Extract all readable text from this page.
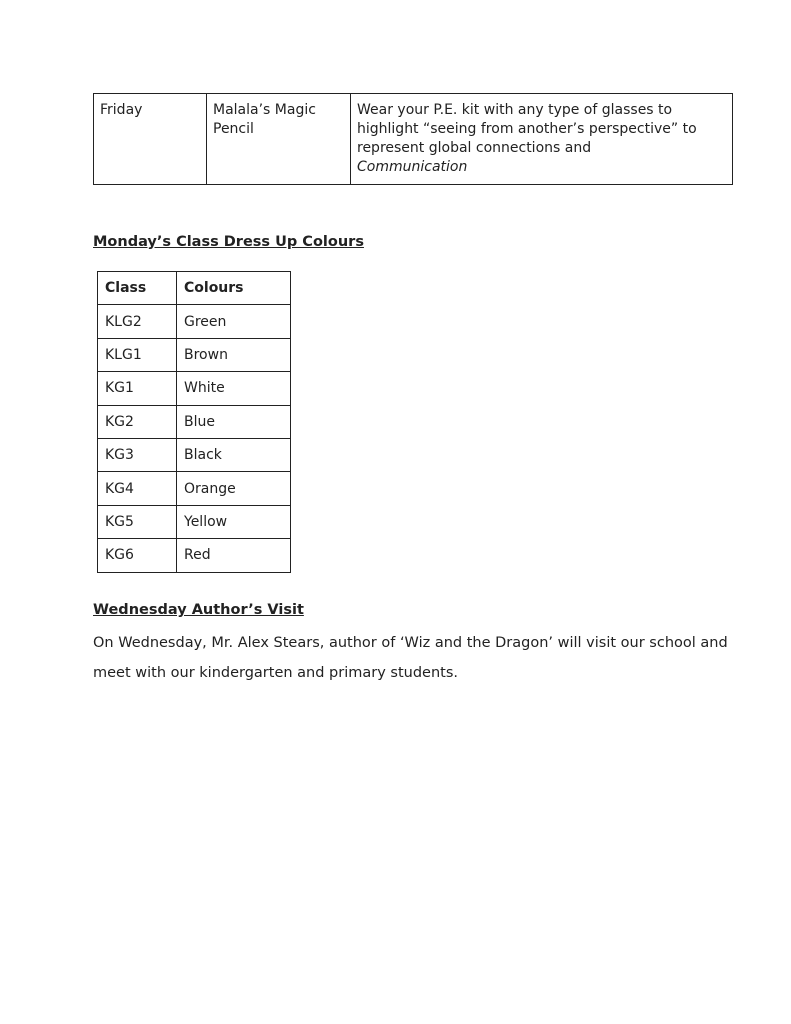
Friday	Malala’s Magic Pencil	Wear your P.E. kit with any type of glasses to highlight “seeing from another’s perspective” to represent global connections and
Communication
Monday’s Class Dress Up Colours
Class	Colours
KLG2	Green
KLG1	Brown
KG1	White
KG2	Blue
KG3	Black
KG4	Orange
KG5	Yellow
KG6	Red
Wednesday Author’s Visit
On Wednesday, Mr. Alex Stears, author of ‘Wiz and the Dragon’ will visit our school and meet with our kindergarten and primary students.
